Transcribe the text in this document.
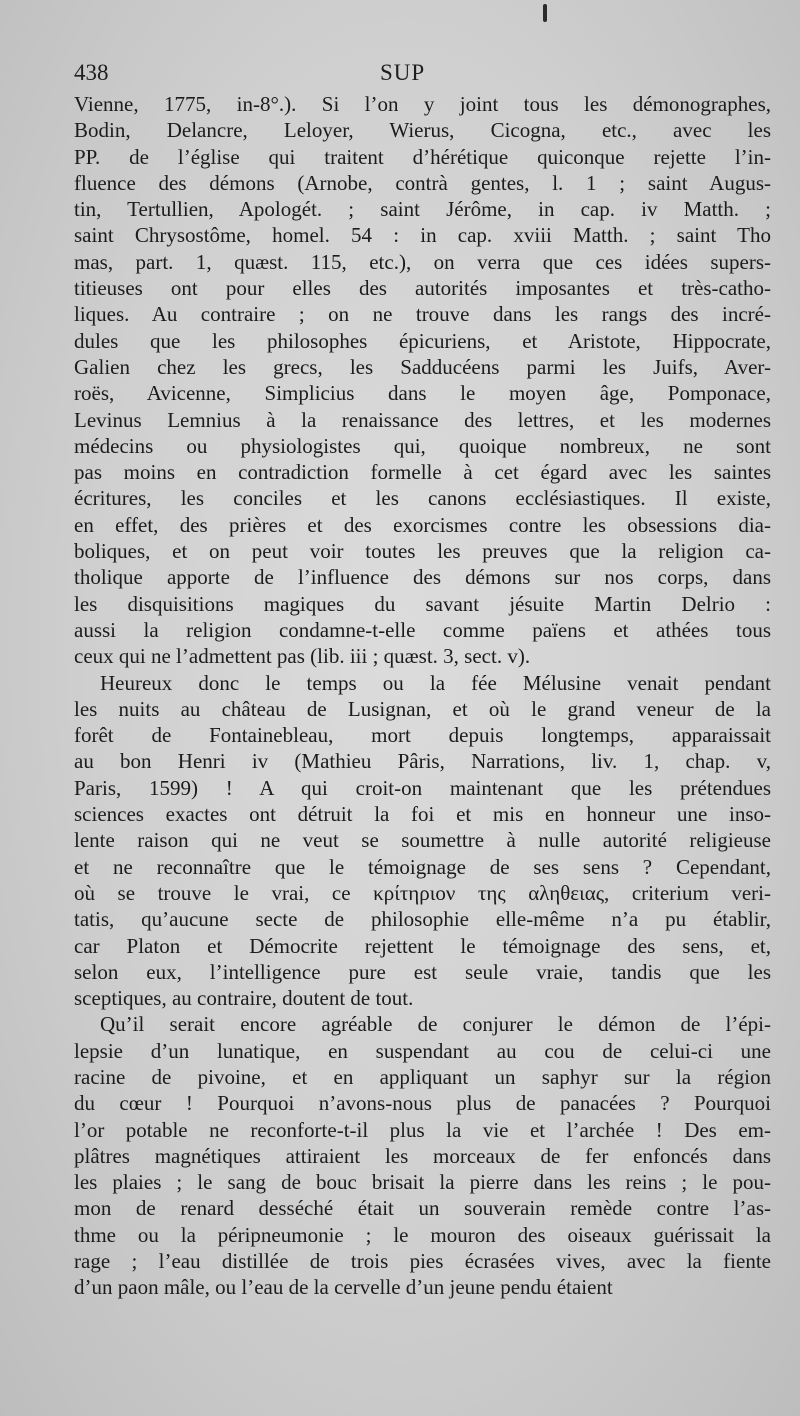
438	SUP
Vienne, 1775, in-8°.). Si l’on y joint tous les démonographes,
Bodin, Delancre, Leloyer, Wierus, Cicogna, etc., avec les
PP. de l’église qui traitent d’hérétique quiconque rejette l’in-
fluence des démons (Arnobe, contrà gentes, l. 1 ; saint Augus-
tin, Tertullien, Apologét. ; saint Jérôme, in cap. iv Matth. ;
saint Chrysostôme, homel. 54 : in cap. xviii Matth. ; saint Tho
mas, part. 1, quæst. 115, etc.), on verra que ces idées supers-
titieuses ont pour elles des autorités imposantes et très-catho-
liques. Au contraire ; on ne trouve dans les rangs des incré-
dules que les philosophes épicuriens, et Aristote, Hippocrate,
Galien chez les grecs, les Sadducéens parmi les Juifs, Aver-
roës, Avicenne, Simplicius dans le moyen âge, Pomponace,
Levinus Lemnius à la renaissance des lettres, et les modernes
médecins ou physiologistes qui, quoique nombreux, ne sont
pas moins en contradiction formelle à cet égard avec les saintes
écritures, les conciles et les canons ecclésiastiques. Il existe,
en effet, des prières et des exorcismes contre les obsessions dia-
boliques, et on peut voir toutes les preuves que la religion ca-
tholique apporte de l’influence des démons sur nos corps, dans
les disquisitions magiques du savant jésuite Martin Delrio :
aussi la religion condamne-t-elle comme païens et athées tous
ceux qui ne l’admettent pas (lib. iii ; quæst. 3, sect. v).
Heureux donc le temps ou la fée Mélusine venait pendant
les nuits au château de Lusignan, et où le grand veneur de la
forêt de Fontainebleau, mort depuis longtemps, apparaissait
au bon Henri iv (Mathieu Pâris, Narrations, liv. 1, chap. v,
Paris, 1599) ! A qui croit-on maintenant que les prétendues
sciences exactes ont détruit la foi et mis en honneur une inso-
lente raison qui ne veut se soumettre à nulle autorité religieuse
et ne reconnaître que le témoignage de ses sens ? Cependant,
où se trouve le vrai, ce κρίτηριον της αληθειας, criterium veri-
tatis, qu’aucune secte de philosophie elle-même n’a pu établir,
car Platon et Démocrite rejettent le témoignage des sens, et,
selon eux, l’intelligence pure est seule vraie, tandis que les
sceptiques, au contraire, doutent de tout.
Qu’il serait encore agréable de conjurer le démon de l’épi-
lepsie d’un lunatique, en suspendant au cou de celui-ci une
racine de pivoine, et en appliquant un saphyr sur la région
du cœur ! Pourquoi n’avons-nous plus de panacées ? Pourquoi
l’or potable ne reconforte-t-il plus la vie et l’archée ! Des em-
plâtres magnétiques attiraient les morceaux de fer enfoncés dans
les plaies ; le sang de bouc brisait la pierre dans les reins ; le pou-
mon de renard desséché était un souverain remède contre l’as-
thme ou la péripneumonie ; le mouron des oiseaux guérissait la
rage ; l’eau distillée de trois pies écrasées vives, avec la fiente
d’un paon mâle, ou l’eau de la cervelle d’un jeune pendu étaient
